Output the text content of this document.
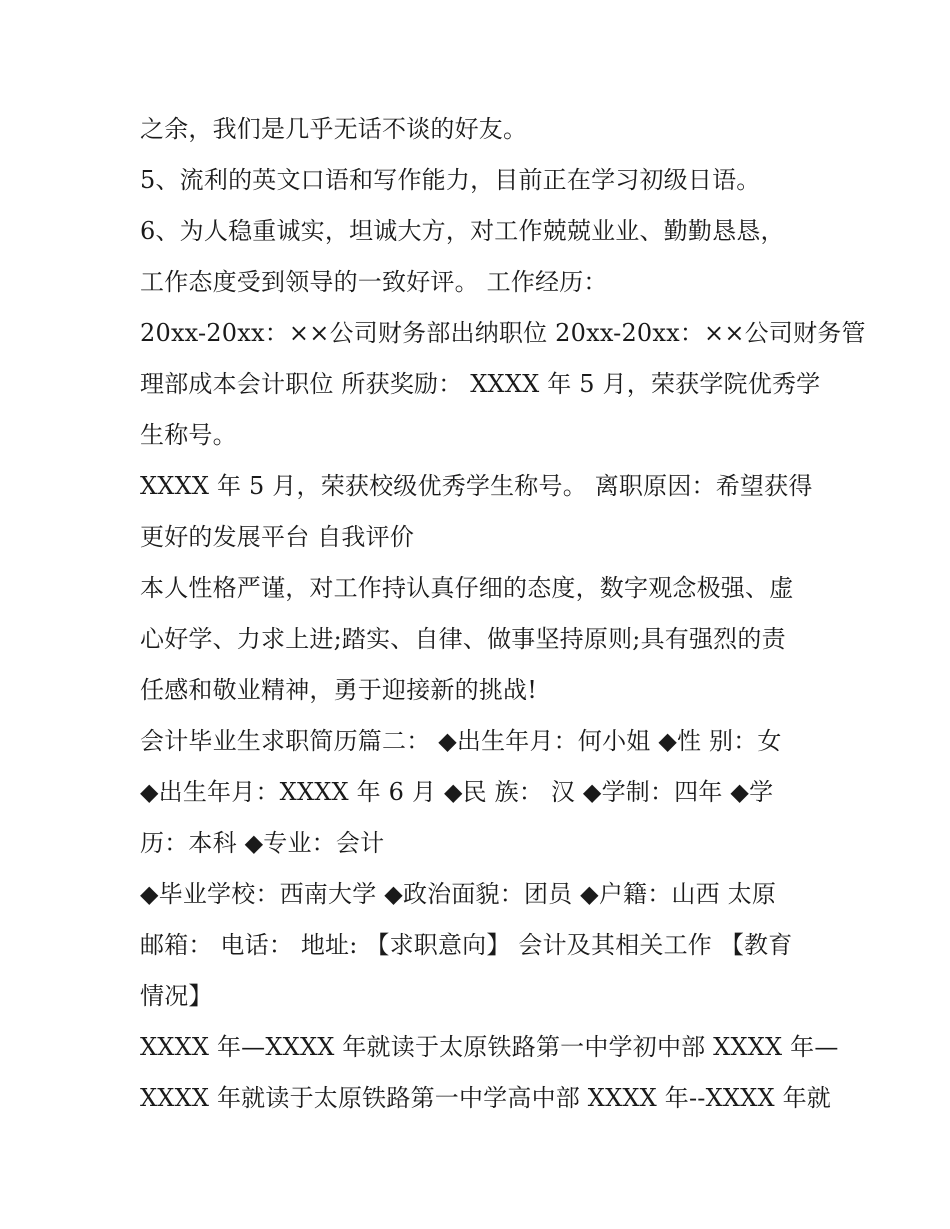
之余，我们是几乎无话不谈的好友。
5、流利的英文口语和写作能力，目前正在学习初级日语。
6、为人稳重诚实，坦诚大方，对工作兢兢业业、勤勤恳恳，
工作态度受到领导的一致好评。 工作经历：
20xx-20xx：××公司财务部出纳职位 20xx-20xx：××公司财务管
理部成本会计职位 所获奖励： XXXX 年 5 月，荣获学院优秀学
生称号。
XXXX 年 5 月，荣获校级优秀学生称号。 离职原因：希望获得
更好的发展平台 自我评价
本人性格严谨，对工作持认真仔细的态度，数字观念极强、虚
心好学、力求上进;踏实、自律、做事坚持原则;具有强烈的责
任感和敬业精神，勇于迎接新的挑战!
会计毕业生求职简历篇二： ◆出生年月：何小姐 ◆性 别：女
◆出生年月：XXXX 年 6 月 ◆民 族： 汉 ◆学制：四年 ◆学
历：本科 ◆专业：会计
◆毕业学校：西南大学 ◆政治面貌：团员 ◆户籍：山西 太原
邮箱： 电话： 地址: 【求职意向】 会计及其相关工作 【教育
情况】
XXXX 年—XXXX 年就读于太原铁路第一中学初中部 XXXX 年—
XXXX 年就读于太原铁路第一中学高中部 XXXX 年--XXXX 年就
